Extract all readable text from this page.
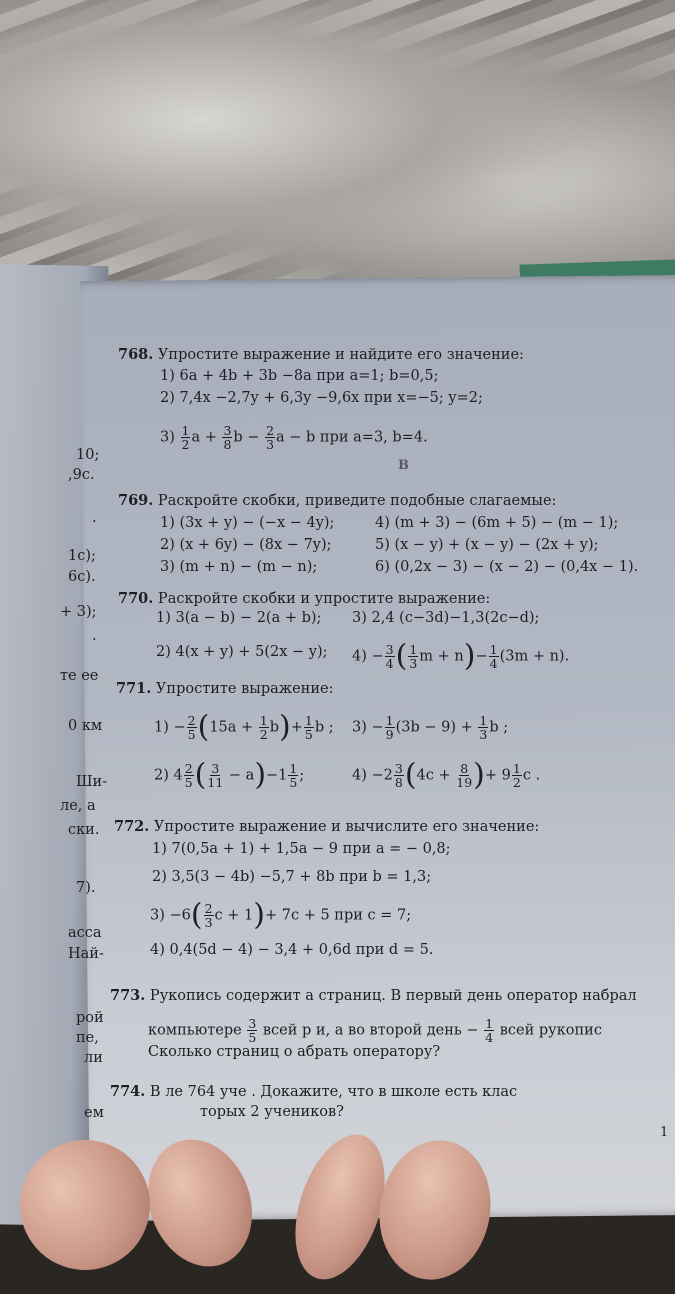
10;
,9с.
.
1с);
6с).
+ 3);
.
те ее
0 км
Ши-
ле, а
ски.
7).
асса
Най-
рой
пе,
ли
ем
768. Упростите выражение и найдите его значение:
1) 6a + 4b + 3b −8a при a=1; b=0,5;
2) 7,4x −2,7y + 6,3y −9,6x при x=−5; y=2;
$3) \frac{1}{2}$ $a + \frac{3}{8}$ $b - \frac{2}{3}$ a − b при a=3, b=4.
769. Раскройте скобки, приведите подобные слагаемые:
1) (3x + y) − (−x − 4y);	4) (m + 3) − (6m + 5) − (m − 1);
2) (x + 6y) − (8x − 7y);	5) (x − y) + (x − y) − (2x + y);
3) (m + n) − (m − n);	6) (0,2x − 3) − (x − 2) − (0,4x − 1).
770. Раскройте скобки и упростите выражение:
1) 3(a − b) − 2(a + b); 3) 2,4 (c−3d)−1,3(2c−d);
2) 4(x + y) + 5(2x − y); $4) - \frac{3}{4}$ ( $\frac{1}{3}$ $m + n)- \frac{1}{4} (3m + n)$.
771. Упростите выражение:
$1) - \frac{2}{5} (15a + \frac{1}{2} b)+ \frac{1}{5}$ b ; $3) - \frac{1}{9} (3b - 9) + \frac{1}{3}$ b ;
2) $4 \frac{2}{5}$ ( $\frac{3}{11} - a)-1 \frac{1}{5}$ ;	$4) -2 \frac{3}{8} (4c + \frac{8}{19}$ )+ $9 \frac{1}{2}$ c .
772. Упростите выражение и вычислите его значение:
1) 7(0,5a + 1) + 1,5a − 9 при a = − 0,8;
2) 3,5(3 − 4b) −5,7 + 8b при b = 1,3;
$3) -6( \frac{2}{3}$ c + 1)+ 7c + 5 при c = 7;
4) 0,4(5d − 4) − 3,4 + 0,6d при d = 5.
773. Рукопись содержит a страниц. В первый день оператор набрал
компьютере $\frac{3}{5}$ всей р и, а во второй день − $\frac{1}{4}$ всей рукопис
Сколько страниц о абрать оператору?
774. В ле 764 уче . Докажите, что в школе есть клас
торых 2 учеников?
В
1
